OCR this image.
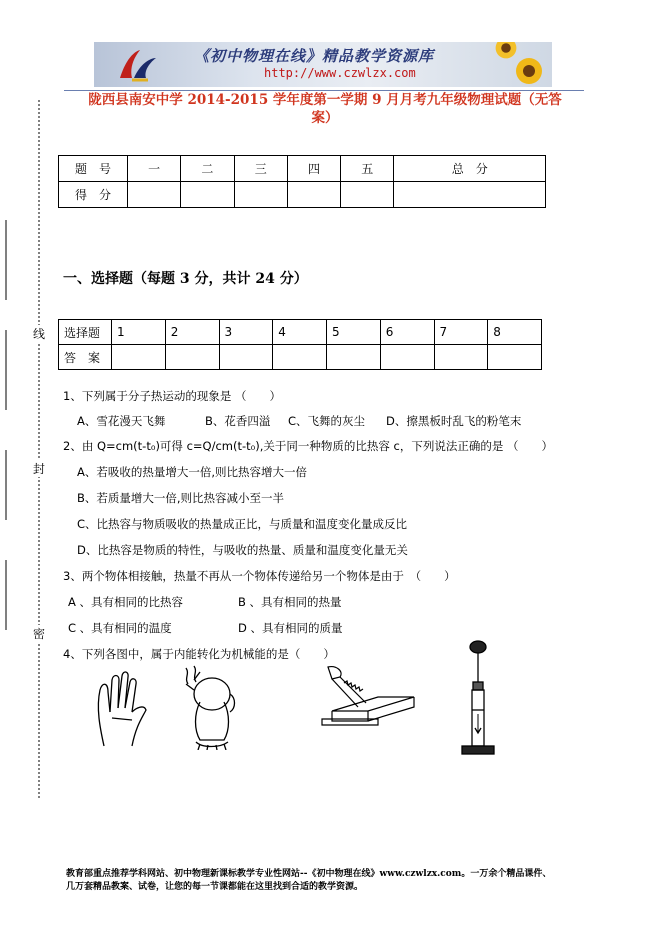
《初中物理在线》精品教学资源库
http://www.czwlzx.com
陇西县南安中学 2014-2015 学年度第一学期 9 月月考九年级物理试题（无答
案）
题　号	一	二	三	四	五	总　分
得　分						
一、选择题（每题 3 分，共计 24 分）
选择题	1	2	3	4	5	6	7	8
答　案								
1、下列属于分子热运动的现象是 （　　）
A、雪花漫天飞舞	B、花香四溢 C、飞舞的灰尘 D、擦黑板时乱飞的粉笔末
2、由 Q=cm(t-t₀)可得 c=Q/cm(t-t₀),关于同一种物质的比热容 c，下列说法正确的是 （　　）
A、若吸收的热量增大一倍,则比热容增大一倍
B、若质量增大一倍,则比热容减小至一半
C、比热容与物质吸收的热量成正比，与质量和温度变化量成反比
D、比热容是物质的特性，与吸收的热量、质量和温度变化量无关
3、两个物体相接触，热量不再从一个物体传递给另一个物体是由于　（　　）
A 、具有相同的比热容	B 、具有相同的热量
C 、具有相同的温度	D 、具有相同的质量
4、下列各图中，属于内能转化为机械能的是（　　）
线
封
密
教育部重点推荐学科网站、初中物理新课标教学专业性网站--《初中物理在线》www.czwlzx.com。一万余个精品课件、
几万套精品教案、试卷，让您的每一节课都能在这里找到合适的教学资源。
